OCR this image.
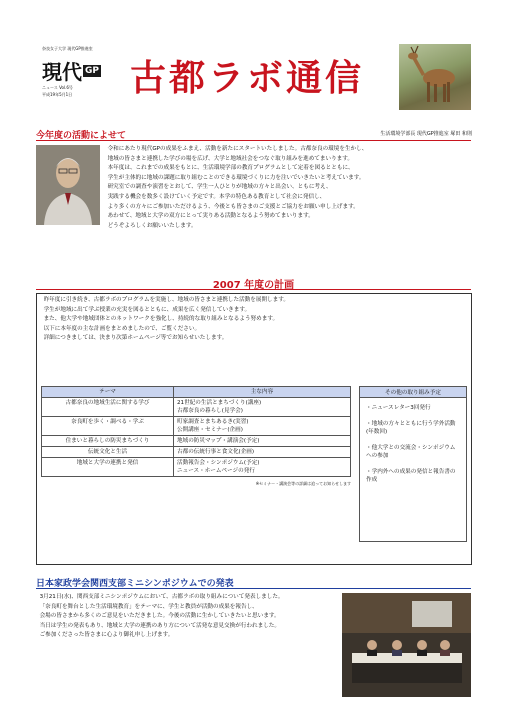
奈良女子大学 現代GP推進室
現代 GP
ニュース Vol.6号
平成19年5月1日	古都ラボ通信
今年度の活動によせて	生活環境学部長 現代GP推進室 塚田 和則
令和にあたり現代GPの成果をふまえ、活動を新たにスタートいたしました。古都奈良の環境を生かし、
地域の皆さまと連携した学びの場を広げ、大学と地域社会をつなぐ取り組みを進めてまいります。
本年度は、これまでの成果をもとに、生活環境学部の教育プログラムとして定着を図るとともに、
学生が主体的に地域の課題に取り組むことのできる環境づくりに力を注いでいきたいと考えています。
研究室での調査や演習をとおして、学生一人ひとりが地域の方々と出会い、ともに考え、
実践する機会を数多く設けていく予定です。本学の特色ある教育として社会に発信し、
より多くの方々にご参加いただけるよう、今後とも皆さまのご支援とご協力をお願い申し上げます。
あわせて、地域と大学の双方にとって実りある活動となるよう努めてまいります。
どうぞよろしくお願いいたします。
2007 年度の計画
昨年度に引き続き、古都ラボのプログラムを実施し、地域の皆さまと連携した活動を展開します。
学生が地域に出て学ぶ授業の充実を図るとともに、成果を広く発信していきます。
また、他大学や地域団体とのネットワークを強化し、持続的な取り組みとなるよう努めます。
以下に本年度の主な計画をまとめましたので、ご覧ください。
詳細につきましては、決まり次第ホームページ等でお知らせいたします。
テーマ	主な内容
古都奈良の地域生活に関する学び	21世紀の生活とまちづくり(講座)
古都奈良の暮らし(見学会)
奈良町を歩く・調べる・学ぶ	町家調査とまちあるき(実習)
公開講座・セミナー(企画)
住まいと暮らしの防災まちづくり	地域の防災マップ・講演会(予定)
伝統文化と生活	古都の伝統行事と食文化(企画)
地域と大学の連携と発信	活動報告会・シンポジウム(予定)
ニュース・ホームページの発行
※セミナー・講演会等の詳細は追ってお知らせします
その他の取り組み予定
・ニュースレター3回発行
・地域の方々とともに行う学外活動(年数回)
・他大学との交流会・シンポジウムへの参加
・学内外への成果の発信と報告書の作成
日本家政学会関西支部ミニシンポジウムでの発表
3月21日(水)、関西支部ミニシンポジウムにおいて、古都ラボの取り組みについて発表しました。
「奈良町を舞台とした生活環境教育」をテーマに、学生と教員が活動の成果を報告し、
会場の皆さまから多くのご意見をいただきました。今後の活動に生かしていきたいと思います。
当日は学生の発表もあり、地域と大学の連携のあり方について活発な意見交換が行われました。
ご参加くださった皆さまに心より御礼申し上げます。
